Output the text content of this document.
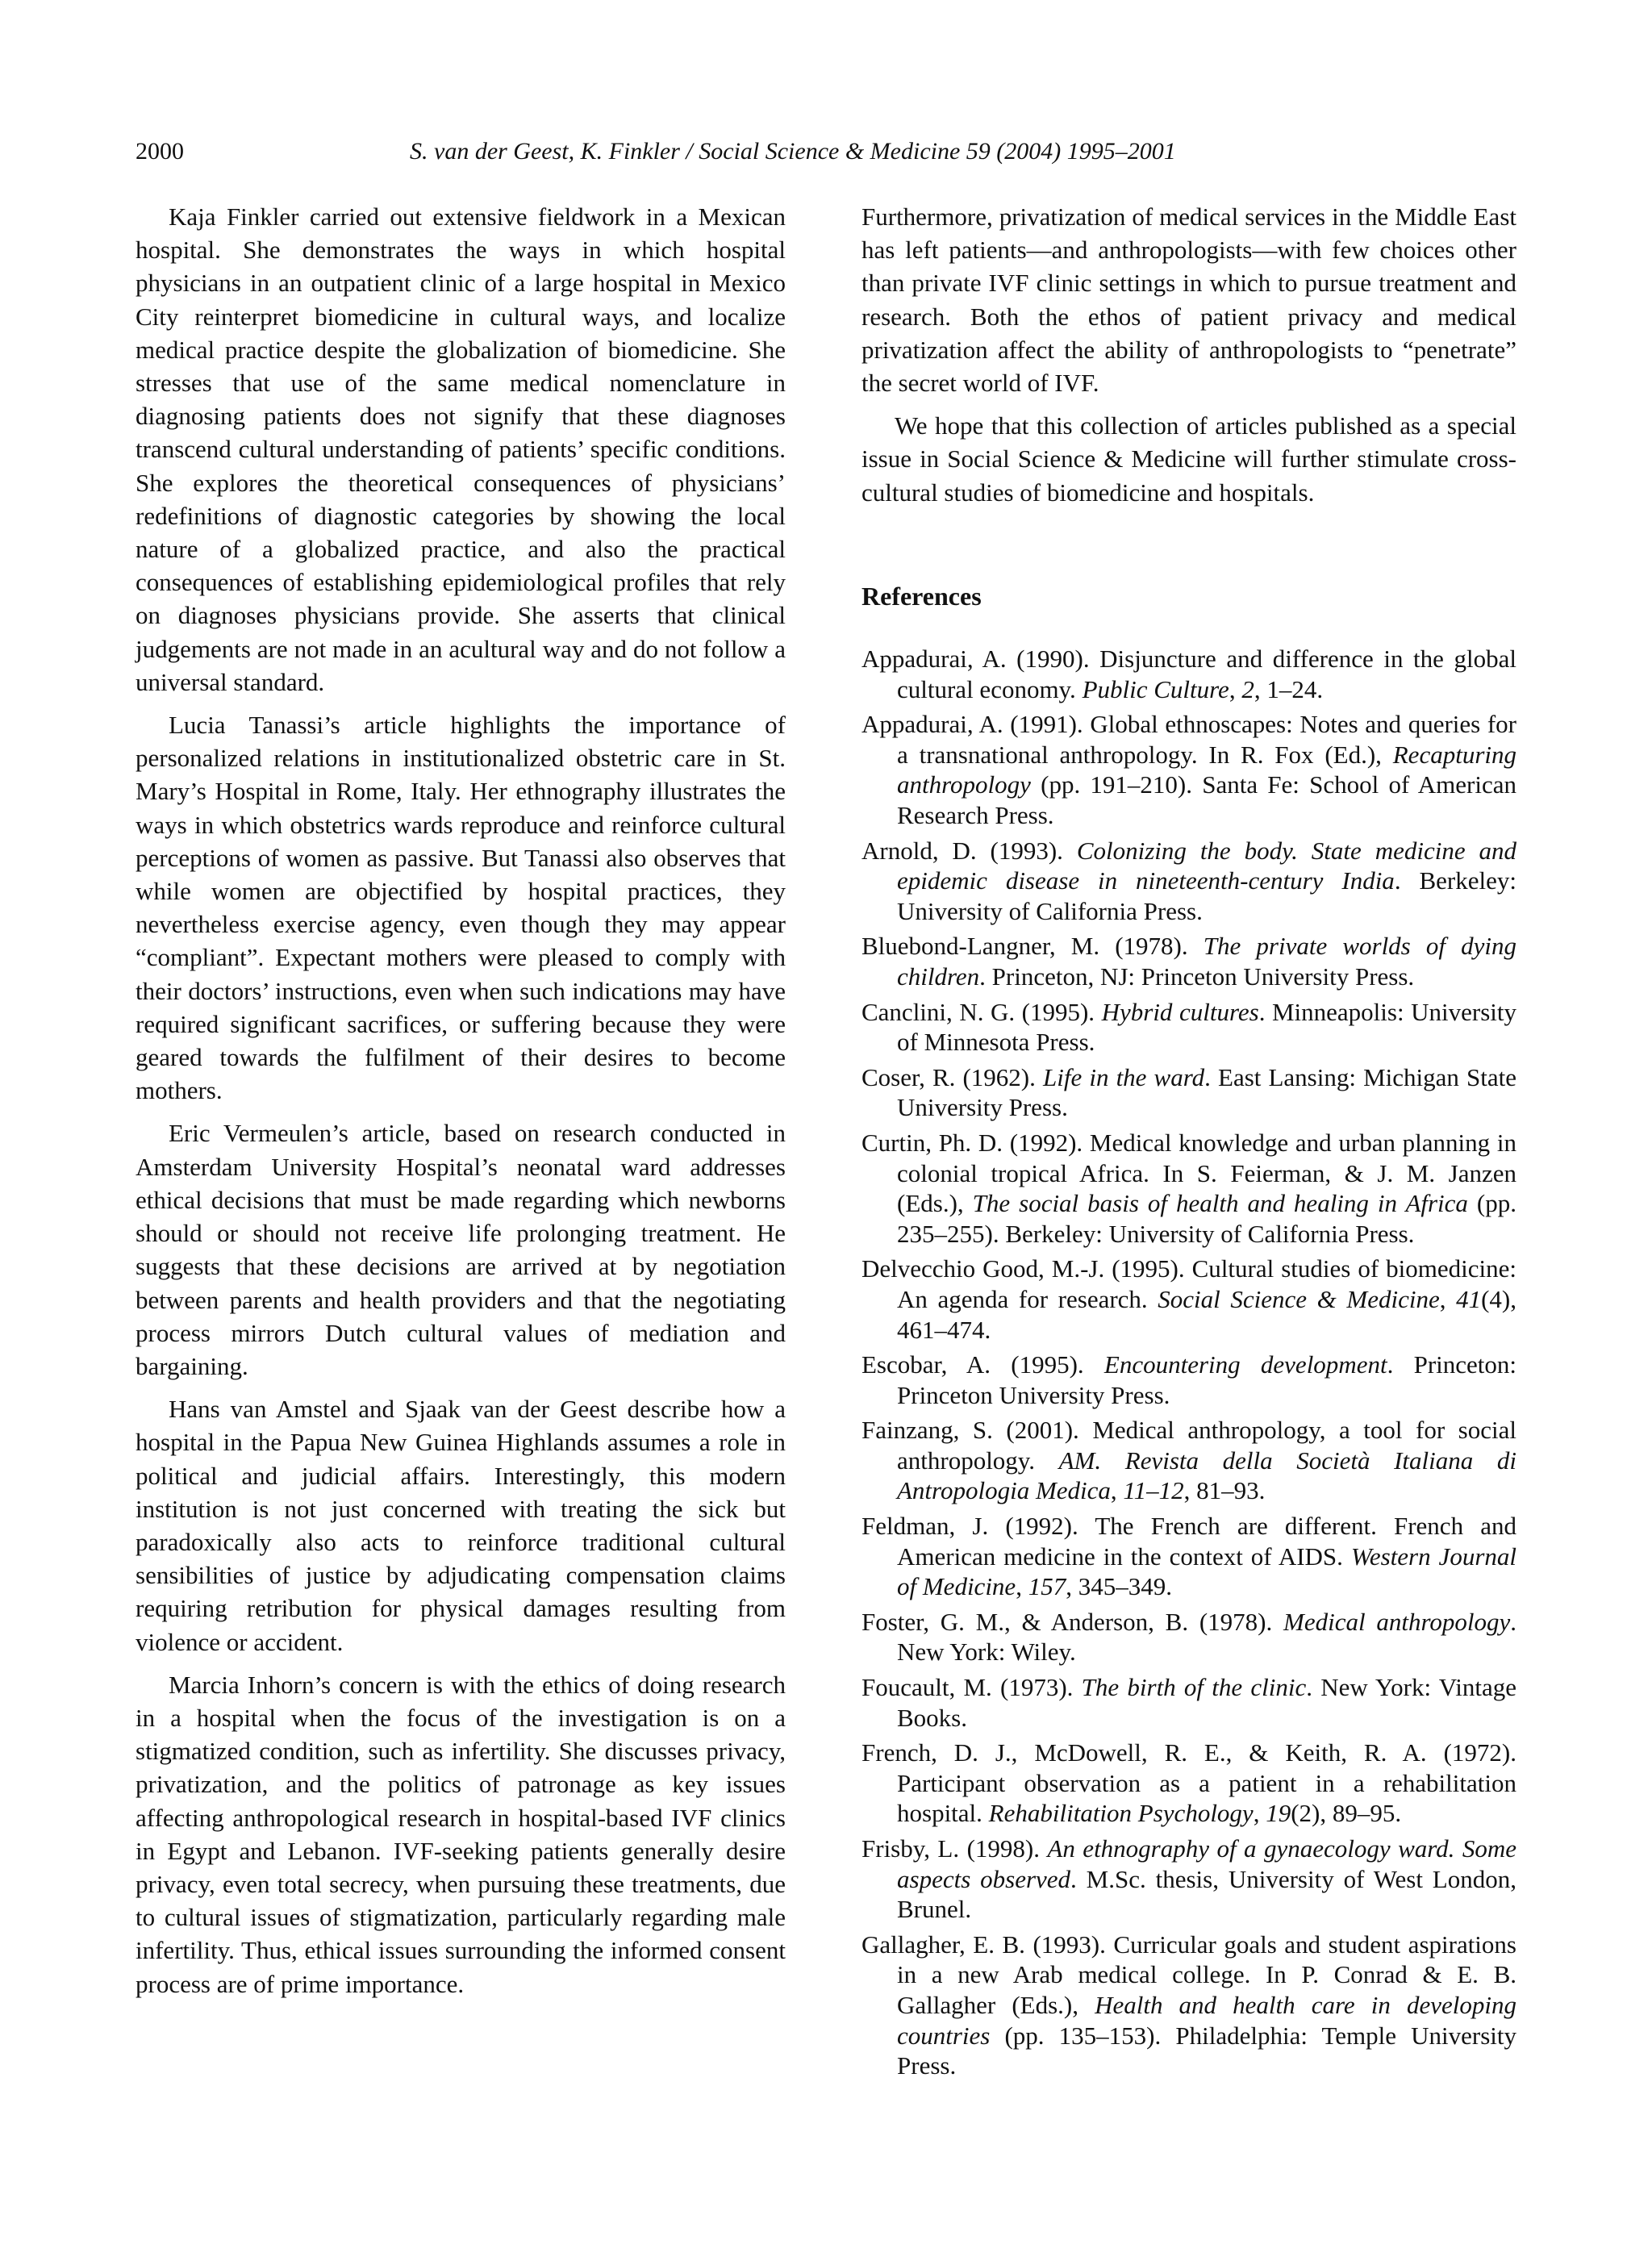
2000	S. van der Geest, K. Finkler / Social Science & Medicine 59 (2004) 1995–2001

Kaja Finkler carried out extensive fieldwork in a Mexican hospital. She demonstrates the ways in which hospital physicians in an outpatient clinic of a large hospital in Mexico City reinterpret biomedicine in cultural ways, and localize medical practice despite the globalization of biomedicine. She stresses that use of the same medical nomenclature in diagnosing patients does not signify that these diagnoses transcend cultural understanding of patients’ specific conditions. She explores the theoretical consequences of physicians’ redefinitions of diagnostic categories by showing the local nature of a globalized practice, and also the practical consequences of establishing epidemiological profiles that rely on diagnoses physicians provide. She asserts that clinical judgements are not made in an acultural way and do not follow a universal standard.

Lucia Tanassi’s article highlights the importance of personalized relations in institutionalized obstetric care in St. Mary’s Hospital in Rome, Italy. Her ethnography illustrates the ways in which obstetrics wards reproduce and reinforce cultural perceptions of women as passive. But Tanassi also observes that while women are objectified by hospital practices, they nevertheless exercise agency, even though they may appear “compliant”. Expectant mothers were pleased to comply with their doctors’ instructions, even when such indications may have required significant sacrifices, or suffering because they were geared towards the fulfilment of their desires to become mothers.

Eric Vermeulen’s article, based on research conducted in Amsterdam University Hospital’s neonatal ward addresses ethical decisions that must be made regarding which newborns should or should not receive life prolonging treatment. He suggests that these decisions are arrived at by negotiation between parents and health providers and that the negotiating process mirrors Dutch cultural values of mediation and bargaining.

Hans van Amstel and Sjaak van der Geest describe how a hospital in the Papua New Guinea Highlands assumes a role in political and judicial affairs. Interestingly, this modern institution is not just concerned with treating the sick but paradoxically also acts to reinforce traditional cultural sensibilities of justice by adjudicating compensation claims requiring retribution for physical damages resulting from violence or accident.

Marcia Inhorn’s concern is with the ethics of doing research in a hospital when the focus of the investigation is on a stigmatized condition, such as infertility. She discusses privacy, privatization, and the politics of patronage as key issues affecting anthropological research in hospital-based IVF clinics in Egypt and Lebanon. IVF-seeking patients generally desire privacy, even total secrecy, when pursuing these treatments, due to cultural issues of stigmatization, particularly regarding male infertility. Thus, ethical issues surrounding the informed consent process are of prime importance.

Furthermore, privatization of medical services in the Middle East has left patients—and anthropologists—with few choices other than private IVF clinic settings in which to pursue treatment and research. Both the ethos of patient privacy and medical privatization affect the ability of anthropologists to “penetrate” the secret world of IVF.

We hope that this collection of articles published as a special issue in Social Science & Medicine will further stimulate cross-cultural studies of biomedicine and hospitals.

References

Appadurai, A. (1990). Disjuncture and difference in the global cultural economy. Public Culture, 2, 1–24.

Appadurai, A. (1991). Global ethnoscapes: Notes and queries for a transnational anthropology. In R. Fox (Ed.), Recapturing anthropology (pp. 191–210). Santa Fe: School of American Research Press.

Arnold, D. (1993). Colonizing the body. State medicine and epidemic disease in nineteenth-century India. Berkeley: University of California Press.

Bluebond-Langner, M. (1978). The private worlds of dying children. Princeton, NJ: Princeton University Press.

Canclini, N. G. (1995). Hybrid cultures. Minneapolis: University of Minnesota Press.

Coser, R. (1962). Life in the ward. East Lansing: Michigan State University Press.

Curtin, Ph. D. (1992). Medical knowledge and urban planning in colonial tropical Africa. In S. Feierman, & J. M. Janzen (Eds.), The social basis of health and healing in Africa (pp. 235–255). Berkeley: University of California Press.

Delvecchio Good, M.-J. (1995). Cultural studies of biomedicine: An agenda for research. Social Science & Medicine, 41(4), 461–474.

Escobar, A. (1995). Encountering development. Princeton: Princeton University Press.

Fainzang, S. (2001). Medical anthropology, a tool for social anthropology. AM. Revista della Società Italiana di Antropologia Medica, 11–12, 81–93.

Feldman, J. (1992). The French are different. French and American medicine in the context of AIDS. Western Journal of Medicine, 157, 345–349.

Foster, G. M., & Anderson, B. (1978). Medical anthropology. New York: Wiley.

Foucault, M. (1973). The birth of the clinic. New York: Vintage Books.

French, D. J., McDowell, R. E., & Keith, R. A. (1972). Participant observation as a patient in a rehabilitation hospital. Rehabilitation Psychology, 19(2), 89–95.

Frisby, L. (1998). An ethnography of a gynaecology ward. Some aspects observed. M.Sc. thesis, University of West London, Brunel.

Gallagher, E. B. (1993). Curricular goals and student aspirations in a new Arab medical college. In P. Conrad & E. B. Gallagher (Eds.), Health and health care in developing countries (pp. 135–153). Philadelphia: Temple University Press.
